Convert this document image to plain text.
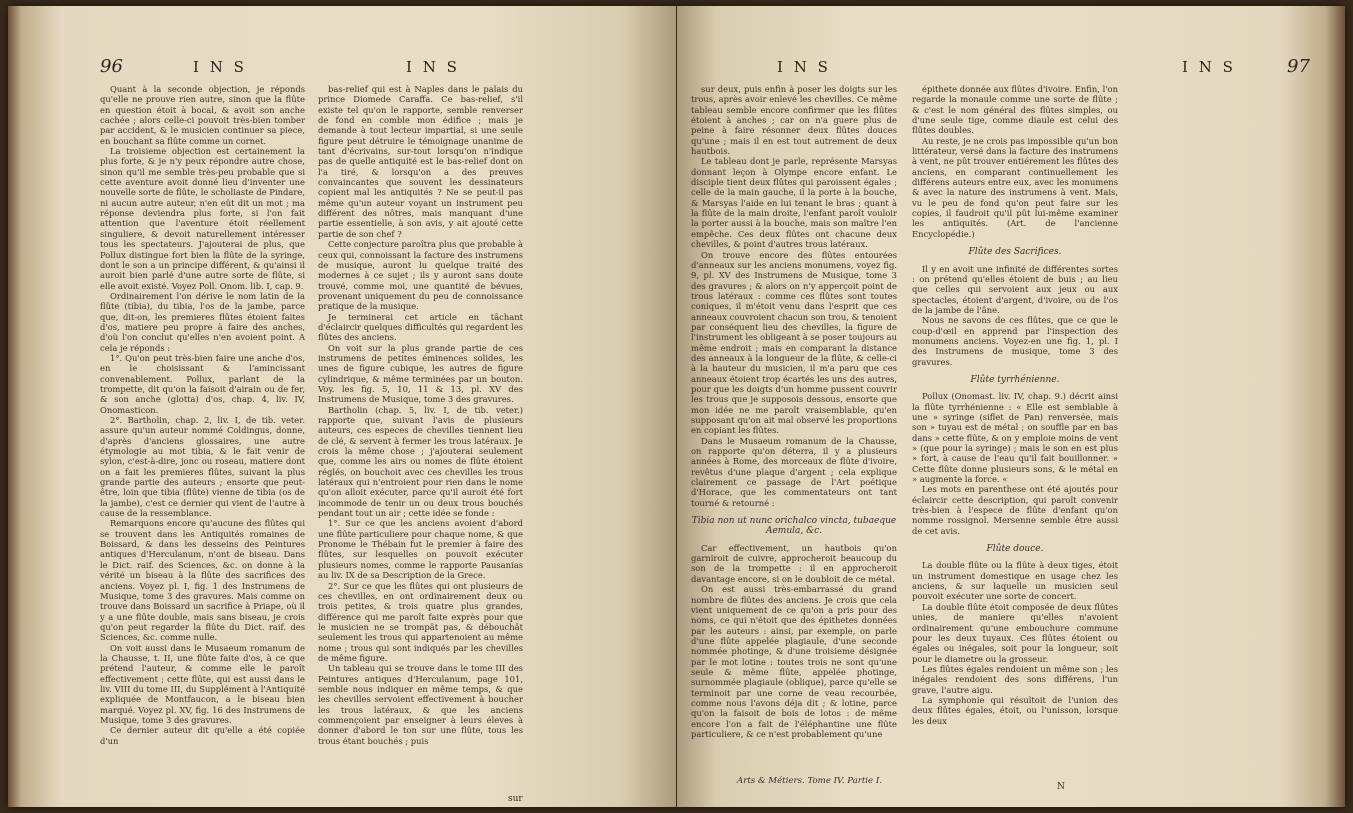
96	I N S	I N S

Quant à la seconde objection, je réponds qu'elle ne prouve rien autre, sinon que la flûte en question étoit à bocal, & avoit son anche cachée ; alors celle-ci pouvoit très-bien tomber par accident, & le musicien continuer sa piece, en bouchant sa flûte comme un cornet.

La troisieme objection est certainement la plus forte, & je n'y peux répondre autre chose, sinon qu'il me semble très-peu probable que si cette aventure avoit donné lieu d'inventer une nouvelle sorte de flûte, le scholiaste de Pindare, ni aucun autre auteur, n'en eût dit un mot ; ma réponse deviendra plus forte, si l'on fait attention que l'aventure étoit réellement singuliere, & devoit naturellement intéresser tous les spectateurs. J'ajouterai de plus, que Pollux distingue fort bien la flûte de la syringe, dont le son a un principe différent, & qu'ainsi il auroit bien parlé d'une autre sorte de flûte, si elle avoit existé. Voyez Poll. Onom. lib. I, cap. 9.

Ordinairement l'on dérive le nom latin de la flûte (tibia), du tibia, l'os de la jambe, parce que, dit-on, les premieres flûtes étoient faites d'os, matiere peu propre à faire des anches, d'où l'on conclut qu'elles n'en avoient point. A cela je réponds :

1°. Qu'on peut très-bien faire une anche d'os, en le choisissant & l'amincissant convenablement. Pollux, parlant de la trompette, dit qu'on la faisoit d'airain ou de fer, & son anche (glotta) d'os, chap. 4, liv. IV, Onomasticon.

2°. Bartholin, chap. 2, liv. I, de tib. veter. assure qu'un auteur nommé Coldingus, donne, d'après d'anciens glossaires, une autre étymologie au mot tibia, & le fait venir de sylon, c'est-à-dire, jonc ou roseau, matiere dont on a fait les premieres flûtes, suivant la plus grande partie des auteurs ; ensorte que peut-être, loin que tibia (flûte) vienne de tibia (os de la jambe), c'est ce dernier qui vient de l'autre à cause de la ressemblance.

Remarquons encore qu'aucune des flûtes qui se trouvent dans les Antiquités romaines de Boissard, & dans les desseins des Peintures antiques d'Herculanum, n'ont de biseau. Dans le Dict. raif. des Sciences, &c. on donne à la vérité un biseau à la flûte des sacrifices des anciens. Voyez pl. I, fig. 1 des Instrumens de Musique, tome 3 des gravures. Mais comme on trouve dans Boissard un sacrifice à Priape, où il y a une flûte double, mais sans biseau, je crois qu'on peut regarder la flûte du Dict. raif. des Sciences, &c. comme nulle.

On voit aussi dans le Musaeum romanum de la Chausse, t. II, une flûte faite d'os, à ce que prétend l'auteur, & comme elle le paroît effectivement ; cette flûte, qui est aussi dans le liv. VIII du tome III, du Supplément à l'Antiquité expliquée de Montfaucon, a le biseau bien marqué. Voyez pl. XV, fig. 16 des Instrumens de Musique, tome 3 des gravures.

Ce dernier auteur dit qu'elle a été copiée d'un

bas-relief qui est à Naples dans le palais du prince Diomede Caraffa. Ce bas-relief, s'il existe tel qu'on le rapporte, semble renverser de fond en comble mon édifice ; mais je demande à tout lecteur impartial, si une seule figure peut détruire le témoignage unanime de tant d'écrivains, sur-tout lorsqu'on n'indique pas de quelle antiquité est le bas-relief dont on l'a tiré, & lorsqu'on a des preuves convaincantes que souvent les dessinateurs copient mal les antiquités ? Ne se peut-il pas même qu'un auteur voyant un instrument peu différent des nôtres, mais manquant d'une partie essentielle, à son avis, y ait ajouté cette partie de son chef ?

Cette conjecture paroîtra plus que probable à ceux qui, connoissant la facture des instrumens de musique, auront lu quelque traité des modernes à ce sujet ; ils y auront sans doute trouvé, comme moi, une quantité de bévues, provenant uniquement du peu de connoissance pratique de la musique.

Je terminerai cet article en tâchant d'éclaircir quelques difficultés qui regardent les flûtes des anciens.

On voit sur la plus grande partie de ces instrumens de petites éminences solides, les unes de figure cubique, les autres de figure cylindrique, & même terminées par un bouton. Voy. les fig. 5, 10, 11 & 13, pl. XV des Instrumens de Musique, tome 3 des gravures.

Bartholin (chap. 5, liv. I, de tib. veter.) rapporte que, suivant l'avis de plusieurs auteurs, ces especes de chevilles tiennent lieu de clé, & servent à fermer les trous latéraux. Je crois la même chose ; j'ajouterai seulement que, comme les airs ou nomes de flûte étoient réglés, on bouchoit avec ces chevilles les trous latéraux qui n'entroient pour rien dans le nome qu'on alloit exécuter, parce qu'il auroit été fort incommode de tenir un ou deux trous bouchés pendant tout un air ; cette idée se fonde :

1°. Sur ce que les anciens avoient d'abord une flûte particuliere pour chaque nome, & que Pronome le Thébain fut le premier à faire des flûtes, sur lesquelles on pouvoit exécuter plusieurs nomes, comme le rapporte Pausanias au liv. IX de sa Description de la Grece.

2°. Sur ce que les flûtes qui ont plusieurs de ces chevilles, en ont ordinairement deux ou trois petites, & trois quatre plus grandes, différence qui me paroît faite exprès pour que le musicien ne se trompât pas, & débouchât seulement les trous qui appartenoient au même nome ; trous qui sont indiqués par les chevilles de même figure.

Un tableau qui se trouve dans le tome III des Peintures antiques d'Herculanum, page 101, semble nous indiquer en même temps, & que les chevilles servoient effectivement à boucher les trous latéraux, & que les anciens commençoient par enseigner à leurs éleves à donner d'abord le ton sur une flûte, tous les trous étant bouchés ; puis

sur
97
I N S	I N S

sur deux, puis enfin à poser les doigts sur les trous, après avoir enlevé les chevilles. Ce même tableau semble encore confirmer que les flûtes étoient à anches ; car on n'a guere plus de peine à faire résonner deux flûtes douces qu'une ; mais il en est tout autrement de deux hautbois.

Le tableau dont je parle, représente Marsyas donnant leçon à Olympe encore enfant. Le disciple tient deux flûtes qui paroissent égales ; celle de la main gauche, il la porte à la bouche, & Marsyas l'aide en lui tenant le bras ; quant à la flûte de la main droite, l'enfant paroît vouloir la porter aussi à la bouche, mais son maître l'en empêche. Ces deux flûtes ont chacune deux chevilles, & point d'autres trous latéraux.

On trouve encore des flûtes entourées d'anneaux sur les anciens monumens, voyez fig. 9, pl. XV des Instrumens de Musique, tome 3 des gravures ; & alors on n'y apperçoit point de trous latéraux : comme ces flûtes sont toutes coniques, il m'étoit venu dans l'esprit que ces anneaux couvroient chacun son trou, & tenoient par conséquent lieu des chevilles, la figure de l'instrument les obligeant à se poser toujours au même endroit ; mais en comparant la distance des anneaux à la longueur de la flûte, & celle-ci à la hauteur du musicien, il m'a paru que ces anneaux étoient trop écartés les uns des autres, pour que les doigts d'un homme pussent couvrir les trous que je supposois dessous, ensorte que mon idée ne me paroît vraisemblable, qu'en supposant qu'on ait mal observé les proportions en copiant les flûtes.

Dans le Musaeum romanum de la Chausse, on rapporte qu'on déterra, il y a plusieurs années à Rome, des morceaux de flûte d'ivoire, revêtus d'une plaque d'argent ; cela explique clairement ce passage de l'Art poétique d'Horace, que les commentateurs ont tant tourné & retourné :

Tibia non ut nunc orichalco vincta, tubaeque Aemula, &c.

Car effectivement, un hautbois qu'on garniroit de cuivre, approcheroit beaucoup du son de la trompette : il en approcheroit davantage encore, si on le doubloit de ce métal.

On est aussi très-embarrassé du grand nombre de flûtes des anciens. Je crois que cela vient uniquement de ce qu'on a pris pour des noms, ce qui n'étoit que des épithetes données par les auteurs : ainsi, par exemple, on parle d'une flûte appelée plagiaule, d'une seconde nommée photinge, & d'une troisieme désignée par le mot lotine : toutes trois ne sont qu'une seule & même flûte, appelée photinge, surnommée plagiaule (oblique), parce qu'elle se terminoit par une corne de veau recourbée, comme nous l'avons déja dit ; & lotine, parce qu'on la faisoit de bois de lotos : de même encore l'on a fait de l'éléphantine une flûte particuliere, & ce n'est probablement qu'une

Arts & Métiers. Tome IV. Partie I.

épithete donnée aux flûtes d'ivoire. Enfin, l'on regarde la monaule comme une sorte de flûte ; & c'est le nom général des flûtes simples, ou d'une seule tige, comme diaule est celui des flûtes doubles.

Au reste, je ne crois pas impossible qu'un bon littérateur, versé dans la facture des instrumens à vent, ne pût trouver entiérement les flûtes des anciens, en comparant continuellement les différens auteurs entre eux, avec les monumens & avec la nature des instrumens à vent. Mais, vu le peu de fond qu'on peut faire sur les copies, il faudroit qu'il pût lui-même examiner les antiquités. (Art. de l'ancienne Encyclopédie.)

Flûte des Sacrifices.

Il y en avoit une infinité de différentes sortes : on prétend qu'elles étoient de buis ; au lieu que celles qui servoient aux jeux ou aux spectacles, étoient d'argent, d'ivoire, ou de l'os de la jambe de l'âne.

Nous ne savons de ces flûtes, que ce que le coup-d'œil en apprend par l'inspection des monumens anciens. Voyez-en une fig. 1, pl. I des Instrumens de musique, tome 3 des gravures.

Flûte tyrrhénienne.

Pollux (Onomast. liv. IV, chap. 9.) décrit ainsi la flûte tyrrhénienne : « Elle est semblable à une » syringe (siflet de Pan) renversée, mais son » tuyau est de métal ; on souffle par en bas dans » cette flûte, & on y emploie moins de vent » (que pour la syringe) ; mais le son en est plus » fort, à cause de l'eau qu'il fait bouillonner. » Cette flûte donne plusieurs sons, & le métal en » augmente la force. «

Les mots en parenthese ont été ajoutés pour éclaircir cette description, qui paroît convenir très-bien à l'espece de flûte d'enfant qu'on nomme rossignol. Mersenne semble être aussi de cet avis.

Flûte douce.

La double flûte ou la flûte à deux tiges, étoit un instrument domestique en usage chez les anciens, & sur laquelle un musicien seul pouvoit exécuter une sorte de concert.

La double flûte étoit composée de deux flûtes unies, de maniere qu'elles n'avoient ordinairement qu'une embouchure commune pour les deux tuyaux. Ces flûtes étoient ou égales ou inégales, soit pour la longueur, soit pour le diametre ou la grosseur.

Les flûtes égales rendoient un même son ; les inégales rendoient des sons différens, l'un grave, l'autre aigu.

La symphonie qui résultoit de l'union des deux flûtes égales, étoit, ou l'unisson, lorsque les deux

N
